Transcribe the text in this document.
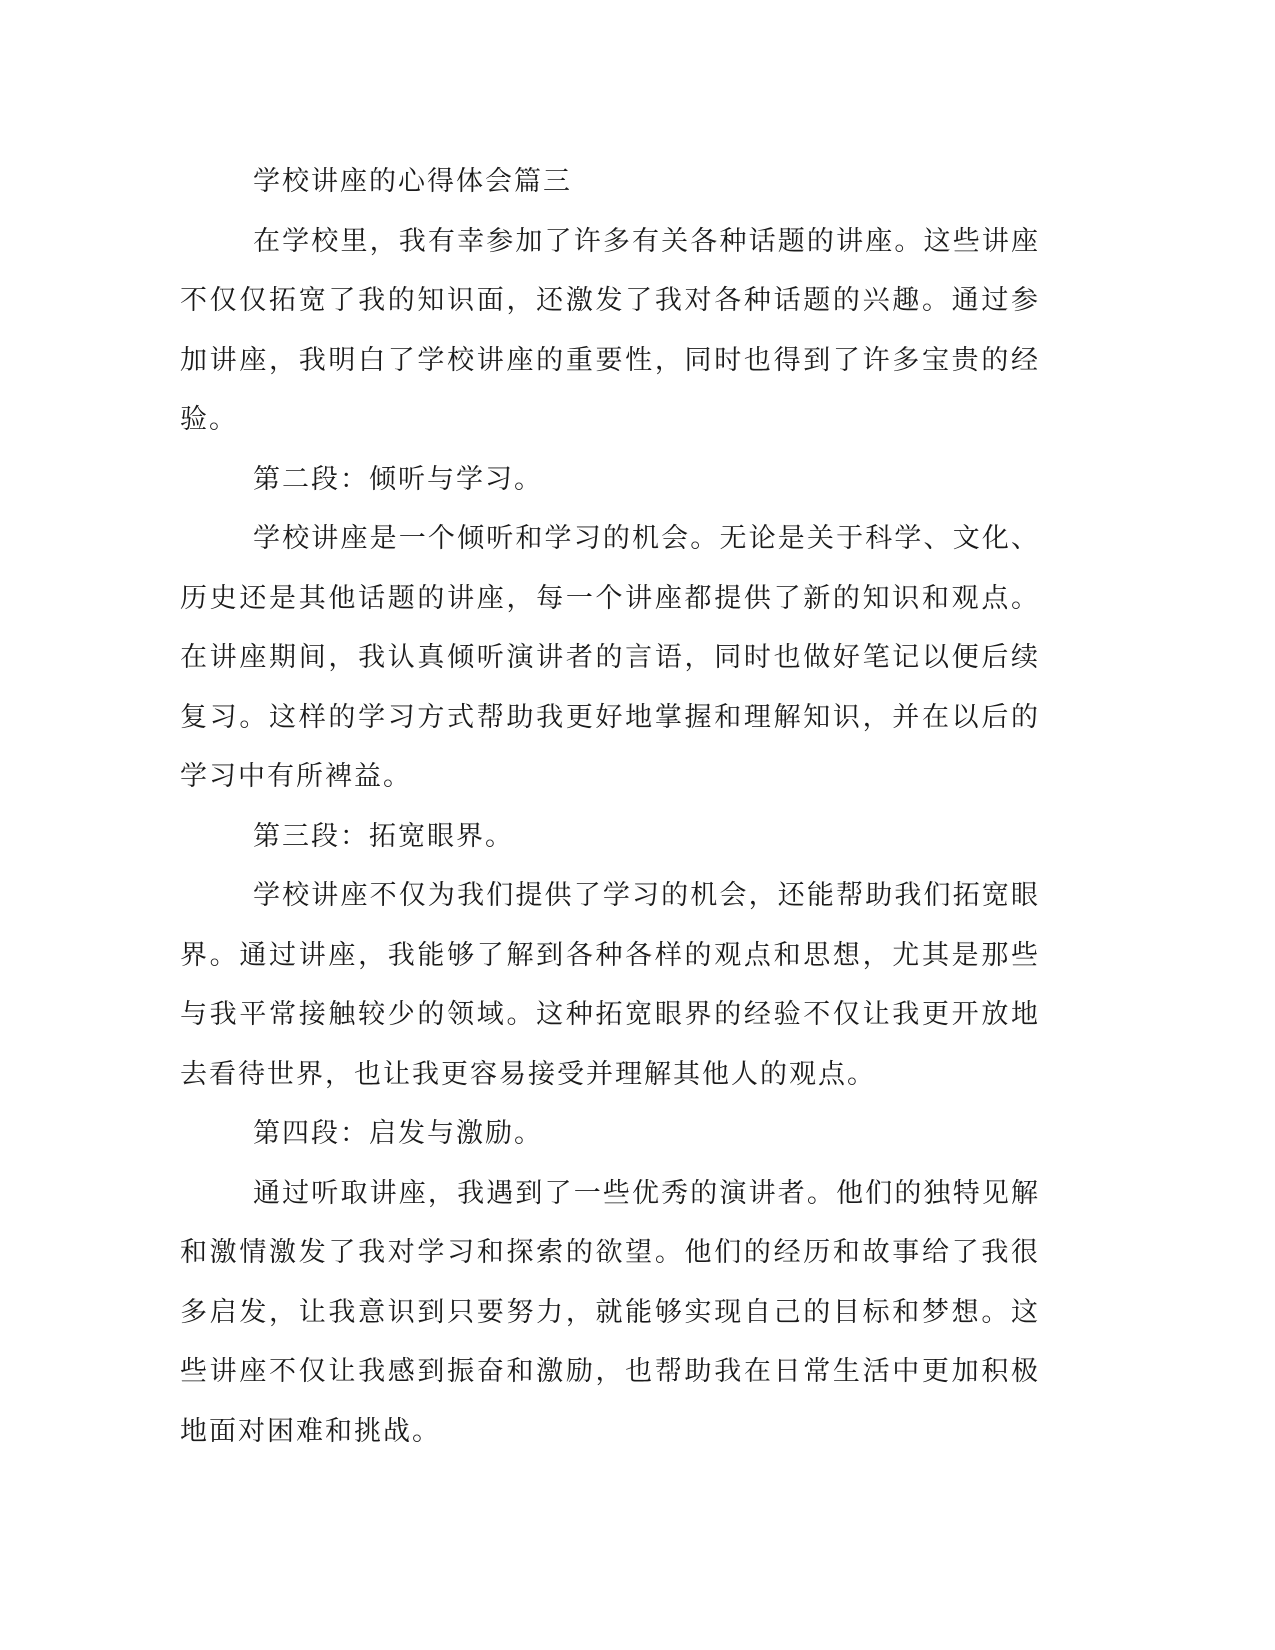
学校讲座的心得体会篇三

在学校里，我有幸参加了许多有关各种话题的讲座。这些讲座不仅仅拓宽了我的知识面，还激发了我对各种话题的兴趣。通过参加讲座，我明白了学校讲座的重要性，同时也得到了许多宝贵的经验。

第二段：倾听与学习。

学校讲座是一个倾听和学习的机会。无论是关于科学、文化、历史还是其他话题的讲座，每一个讲座都提供了新的知识和观点。在讲座期间，我认真倾听演讲者的言语，同时也做好笔记以便后续复习。这样的学习方式帮助我更好地掌握和理解知识，并在以后的学习中有所裨益。

第三段：拓宽眼界。

学校讲座不仅为我们提供了学习的机会，还能帮助我们拓宽眼界。通过讲座，我能够了解到各种各样的观点和思想，尤其是那些与我平常接触较少的领域。这种拓宽眼界的经验不仅让我更开放地去看待世界，也让我更容易接受并理解其他人的观点。

第四段：启发与激励。

通过听取讲座，我遇到了一些优秀的演讲者。他们的独特见解和激情激发了我对学习和探索的欲望。他们的经历和故事给了我很多启发，让我意识到只要努力，就能够实现自己的目标和梦想。这些讲座不仅让我感到振奋和激励，也帮助我在日常生活中更加积极地面对困难和挑战。
